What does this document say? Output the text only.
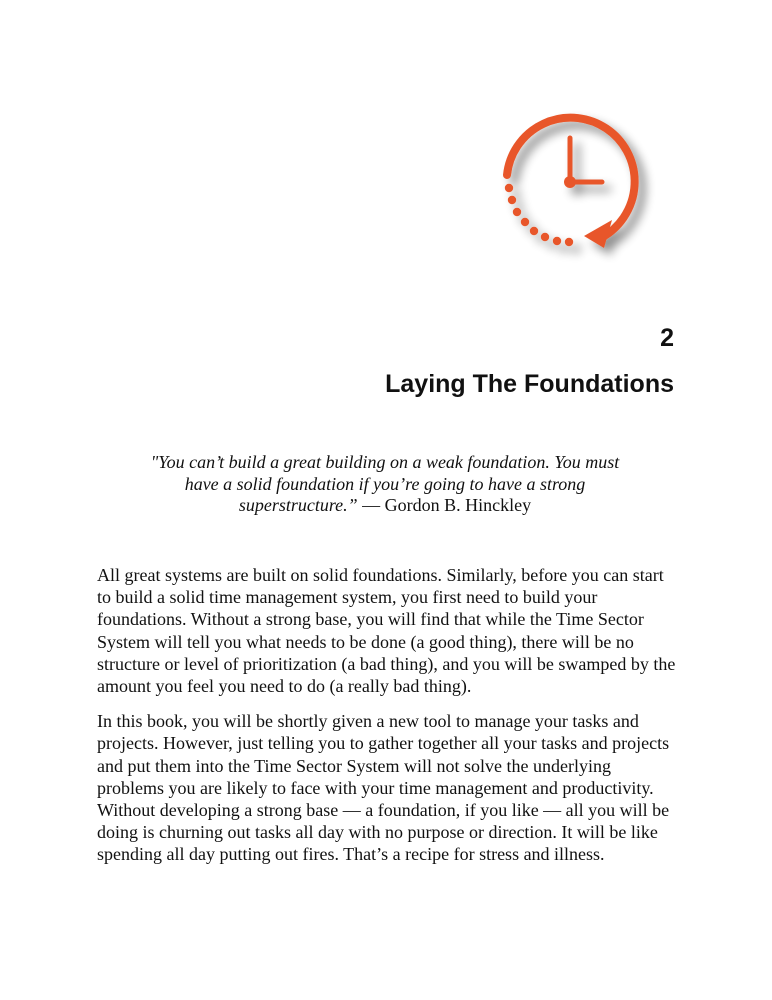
2
Laying The Foundations

"You can’t build a great building on a weak foundation. You must have a solid foundation if you’re going to have a strong superstructure.” — Gordon B. Hinckley

All great systems are built on solid foundations. Similarly, before you can start to build a solid time management system, you first need to build your foundations. Without a strong base, you will find that while the Time Sector System will tell you what needs to be done (a good thing), there will be no structure or level of prioritization (a bad thing), and you will be swamped by the amount you feel you need to do (a really bad thing).

In this book, you will be shortly given a new tool to manage your tasks and projects. However, just telling you to gather together all your tasks and projects and put them into the Time Sector System will not solve the underlying problems you are likely to face with your time management and productivity. Without developing a strong base — a foundation, if you like — all you will be doing is churning out tasks all day with no purpose or direction. It will be like spending all day putting out fires. That’s a recipe for stress and illness.
